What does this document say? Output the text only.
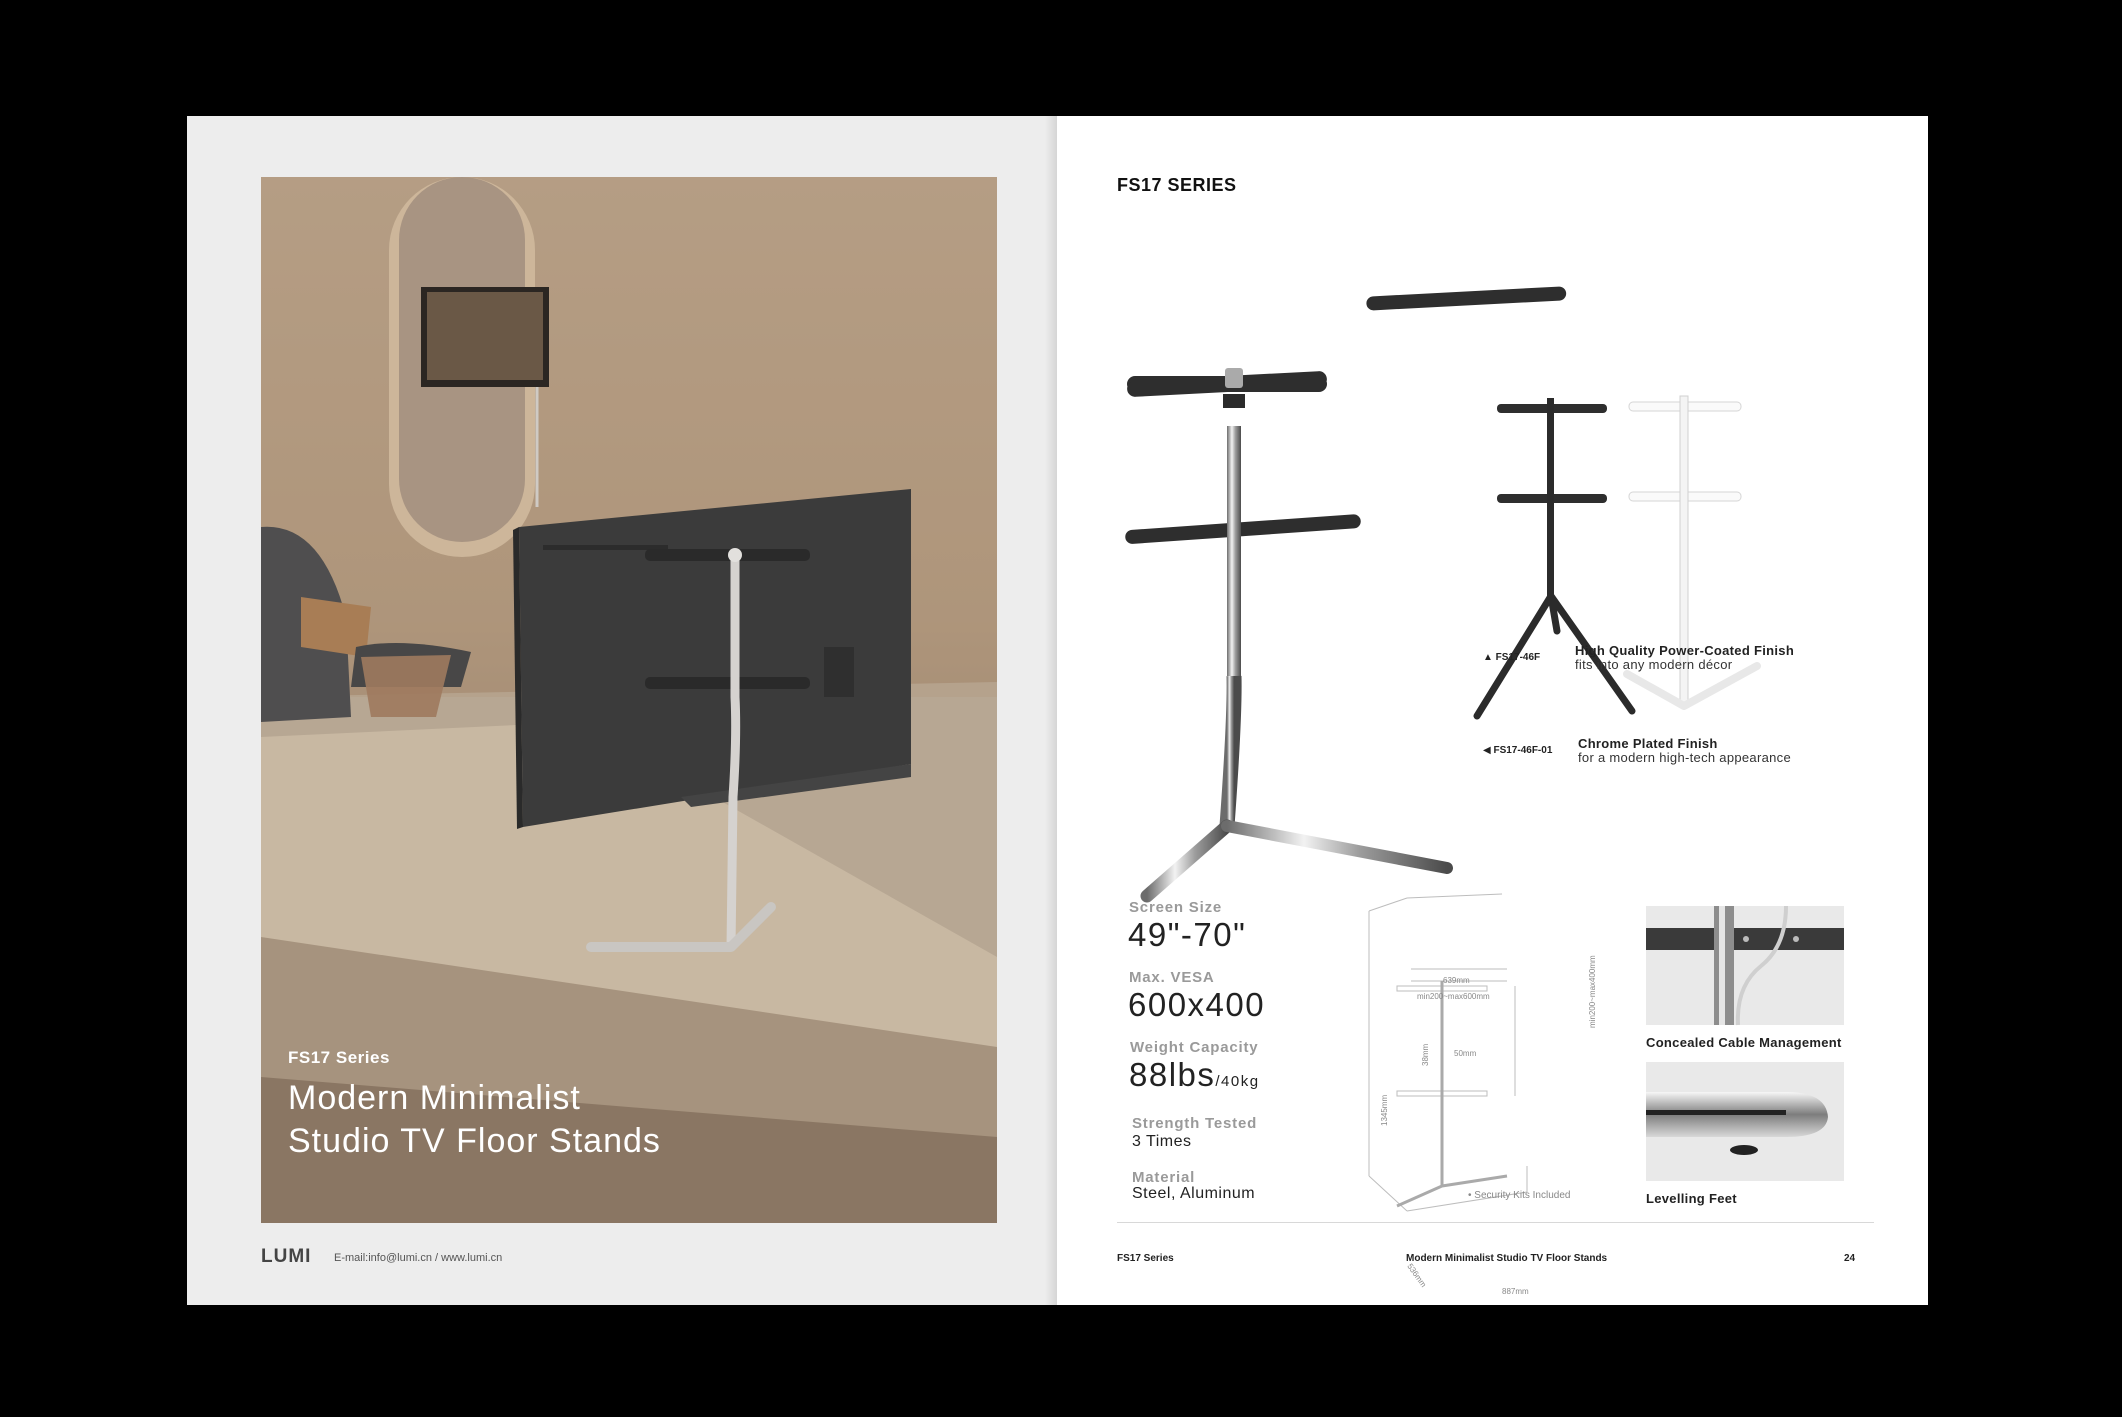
FS17 Series
Modern Minimalist
Studio TV Floor Stands
LUMI E-mail:info@lumi.cn / www.lumi.cn
FS17 SERIES
▲ FS17-46F	High Quality Power-Coated Finish
fits into any modern décor
◀ FS17-46F-01 Chrome Plated Finish
for a modern high-tech appearance
Screen Size
49"-70"
Max. VESA
600x400
Weight Capacity
88lbs/40kg
Strength Tested
3 Times
Material
Steel, Aluminum
639mm
min200~max600mm	min200~max400mm
50mm
38mm
1345mm
536mm
887mm
• Security Kits Included
Concealed Cable Management
Levelling Feet
FS17 Series	Modern Minimalist Studio TV Floor Stands	24
